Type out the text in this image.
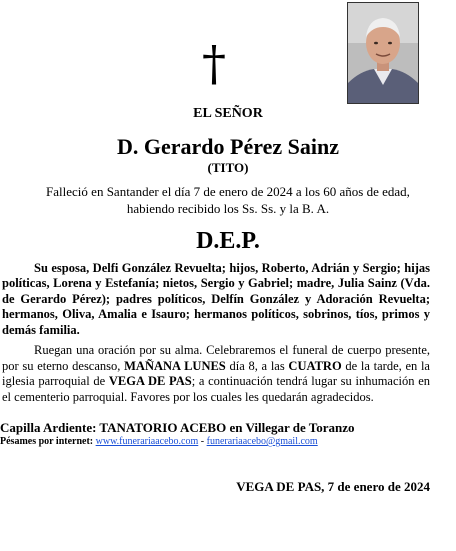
†
EL SEÑOR
D. Gerardo Pérez Sainz
(TITO)
Falleció en Santander el día 7 de enero de 2024 a los 60 años de edad,
habiendo recibido los Ss. Ss. y la B. A.
D.E.P.
Su esposa, Delfi González Revuelta; hijos, Roberto, Adrián y Sergio; hijas políticas, Lorena y Estefanía; nietos, Sergio y Gabriel; madre, Julia Sainz (Vda. de Gerardo Pérez); padres políticos, Delfín González y Adoración Revuelta; hermanos, Oliva, Amalia e Isauro; hermanos políticos, sobrinos, tíos, primos y demás familia.
Ruegan una oración por su alma. Celebraremos el funeral de cuerpo presente, por su eterno descanso, MAÑANA LUNES día 8, a las CUATRO de la tarde, en la iglesia parroquial de VEGA DE PAS; a continuación tendrá lugar su inhumación en el cementerio parroquial. Favores por los cuales les quedarán agradecidos.
Capilla Ardiente: TANATORIO ACEBO en Villegar de Toranzo
Pésames por internet: www.funerariaacebo.com - funerariaacebo@gmail.com
VEGA DE PAS, 7 de enero de 2024
